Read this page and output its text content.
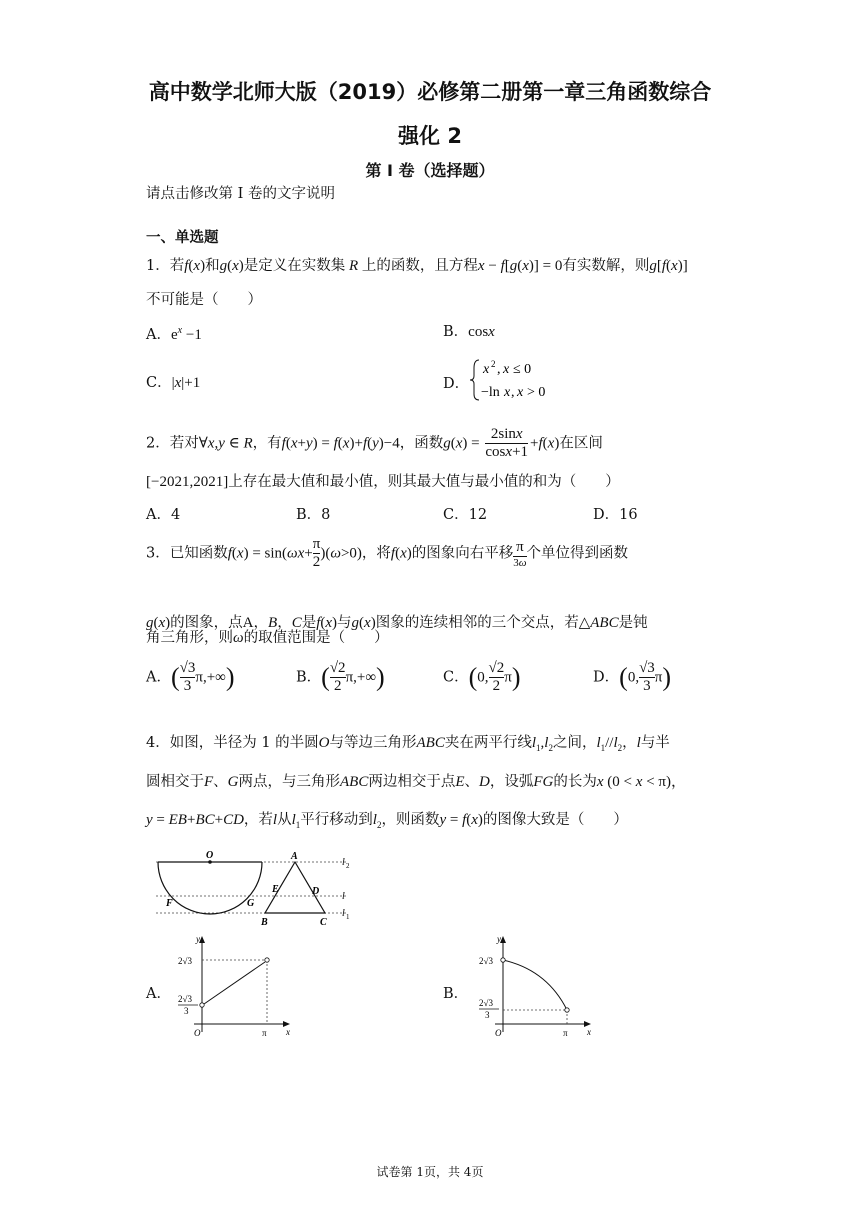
高中数学北师大版（2019）必修第二册第一章三角函数综合
强化 2
第 I 卷（选择题）
请点击修改第 I 卷的文字说明
一、单选题
1．若f(x)和g(x)是定义在实数集 R 上的函数，且方程x − f[g(x)] = 0有实数解，则g[f(x)]
不可能是（　　）
A．$e^x -1$	B．cosx
C．|x|+1	D．
x 2 , x ≤ 0
−ln x , x > 0
2．若对∀x,y ∈ R，有f(x+y) = f(x)+f(y)−4，函数$g(x) = \frac{2\sin x}{\cos x+1} +f(x)$在区间
[−2021,2021]上存在最大值和最小值，则其最大值与最小值的和为（　　）
A．4	B．8	C．12	D．16
3．已知函数$f(x) = \sin(\omega x+ \frac{\pi}{2} )(\omega>0)$，将f(x)的图象向右平移 π
3ω
个单位得到函数
g(x)的图象，点A，B，C是f(x)与g(x)图象的连续相邻的三个交点，若△ABC是钝
角三角形，则ω的取值范围是（　　）
A．( $\frac{√3}{3} \pi,+\infty$)	B．( $\frac{√2}{2} \pi,+\infty$)	C．(0, $\frac{√2}{2} \pi$)	D．(0, $\frac{√3}{3} \pi$)
4．如图，半径为 1 的半圆O与等边三角形ABC夹在两平行线$l_1,l_2$之间，$l_1//l_2$，l与半
圆相交于F、G两点，与三角形ABC两边相交于点E、D，设弧FG的长为x (0 < x < π)，
y = EB+BC+CD，若l从$l_1$平行移动到$l_2$，则函数y = f(x)的图像大致是（　　）
O	A
E	D
F	G
B	C
l 2
l
l 1
A．
y
x
O	π
2√3
2√3
3
B．
y
x
O	π
2√3
2√3
3
试卷第 1页，共 4页
